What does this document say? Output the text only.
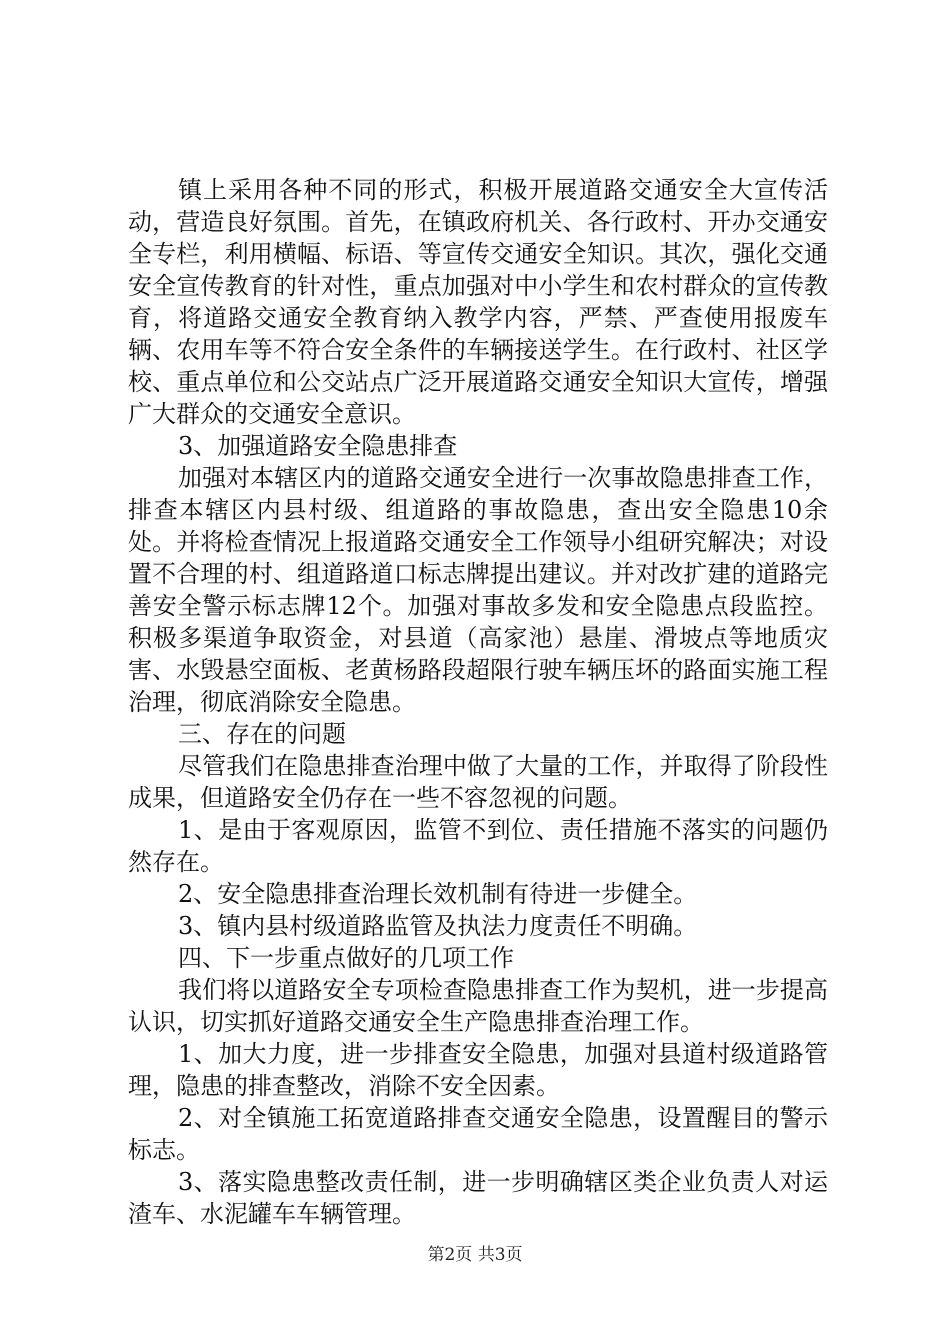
镇上采用各种不同的形式，积极开展道路交通安全大宣传活动，营造良好氛围。首先，在镇政府机关、各行政村、开办交通安全专栏，利用横幅、标语、等宣传交通安全知识。其次，强化交通安全宣传教育的针对性，重点加强对中小学生和农村群众的宣传教育，将道路交通安全教育纳入教学内容，严禁、严查使用报废车辆、农用车等不符合安全条件的车辆接送学生。在行政村、社区学校、重点单位和公交站点广泛开展道路交通安全知识大宣传，增强广大群众的交通安全意识。

3、加强道路安全隐患排查

加强对本辖区内的道路交通安全进行一次事故隐患排查工作，排查本辖区内县村级、组道路的事故隐患，查出安全隐患10余处。并将检查情况上报道路交通安全工作领导小组研究解决；对设置不合理的村、组道路道口标志牌提出建议。并对改扩建的道路完善安全警示标志牌12个。加强对事故多发和安全隐患点段监控。积极多渠道争取资金，对县道（高家池）悬崖、滑坡点等地质灾害、水毁悬空面板、老黄杨路段超限行驶车辆压坏的路面实施工程治理，彻底消除安全隐患。

三、存在的问题

尽管我们在隐患排查治理中做了大量的工作，并取得了阶段性成果，但道路安全仍存在一些不容忽视的问题。

1、是由于客观原因，监管不到位、责任措施不落实的问题仍然存在。

2、安全隐患排查治理长效机制有待进一步健全。

3、镇内县村级道路监管及执法力度责任不明确。

四、下一步重点做好的几项工作

我们将以道路安全专项检查隐患排查工作为契机，进一步提高认识，切实抓好道路交通安全生产隐患排查治理工作。

1、加大力度，进一步排查安全隐患，加强对县道村级道路管理，隐患的排查整改，消除不安全因素。

2、对全镇施工拓宽道路排查交通安全隐患，设置醒目的警示标志。

3、落实隐患整改责任制，进一步明确辖区类企业负责人对运渣车、水泥罐车车辆管理。

第2页 共3页
